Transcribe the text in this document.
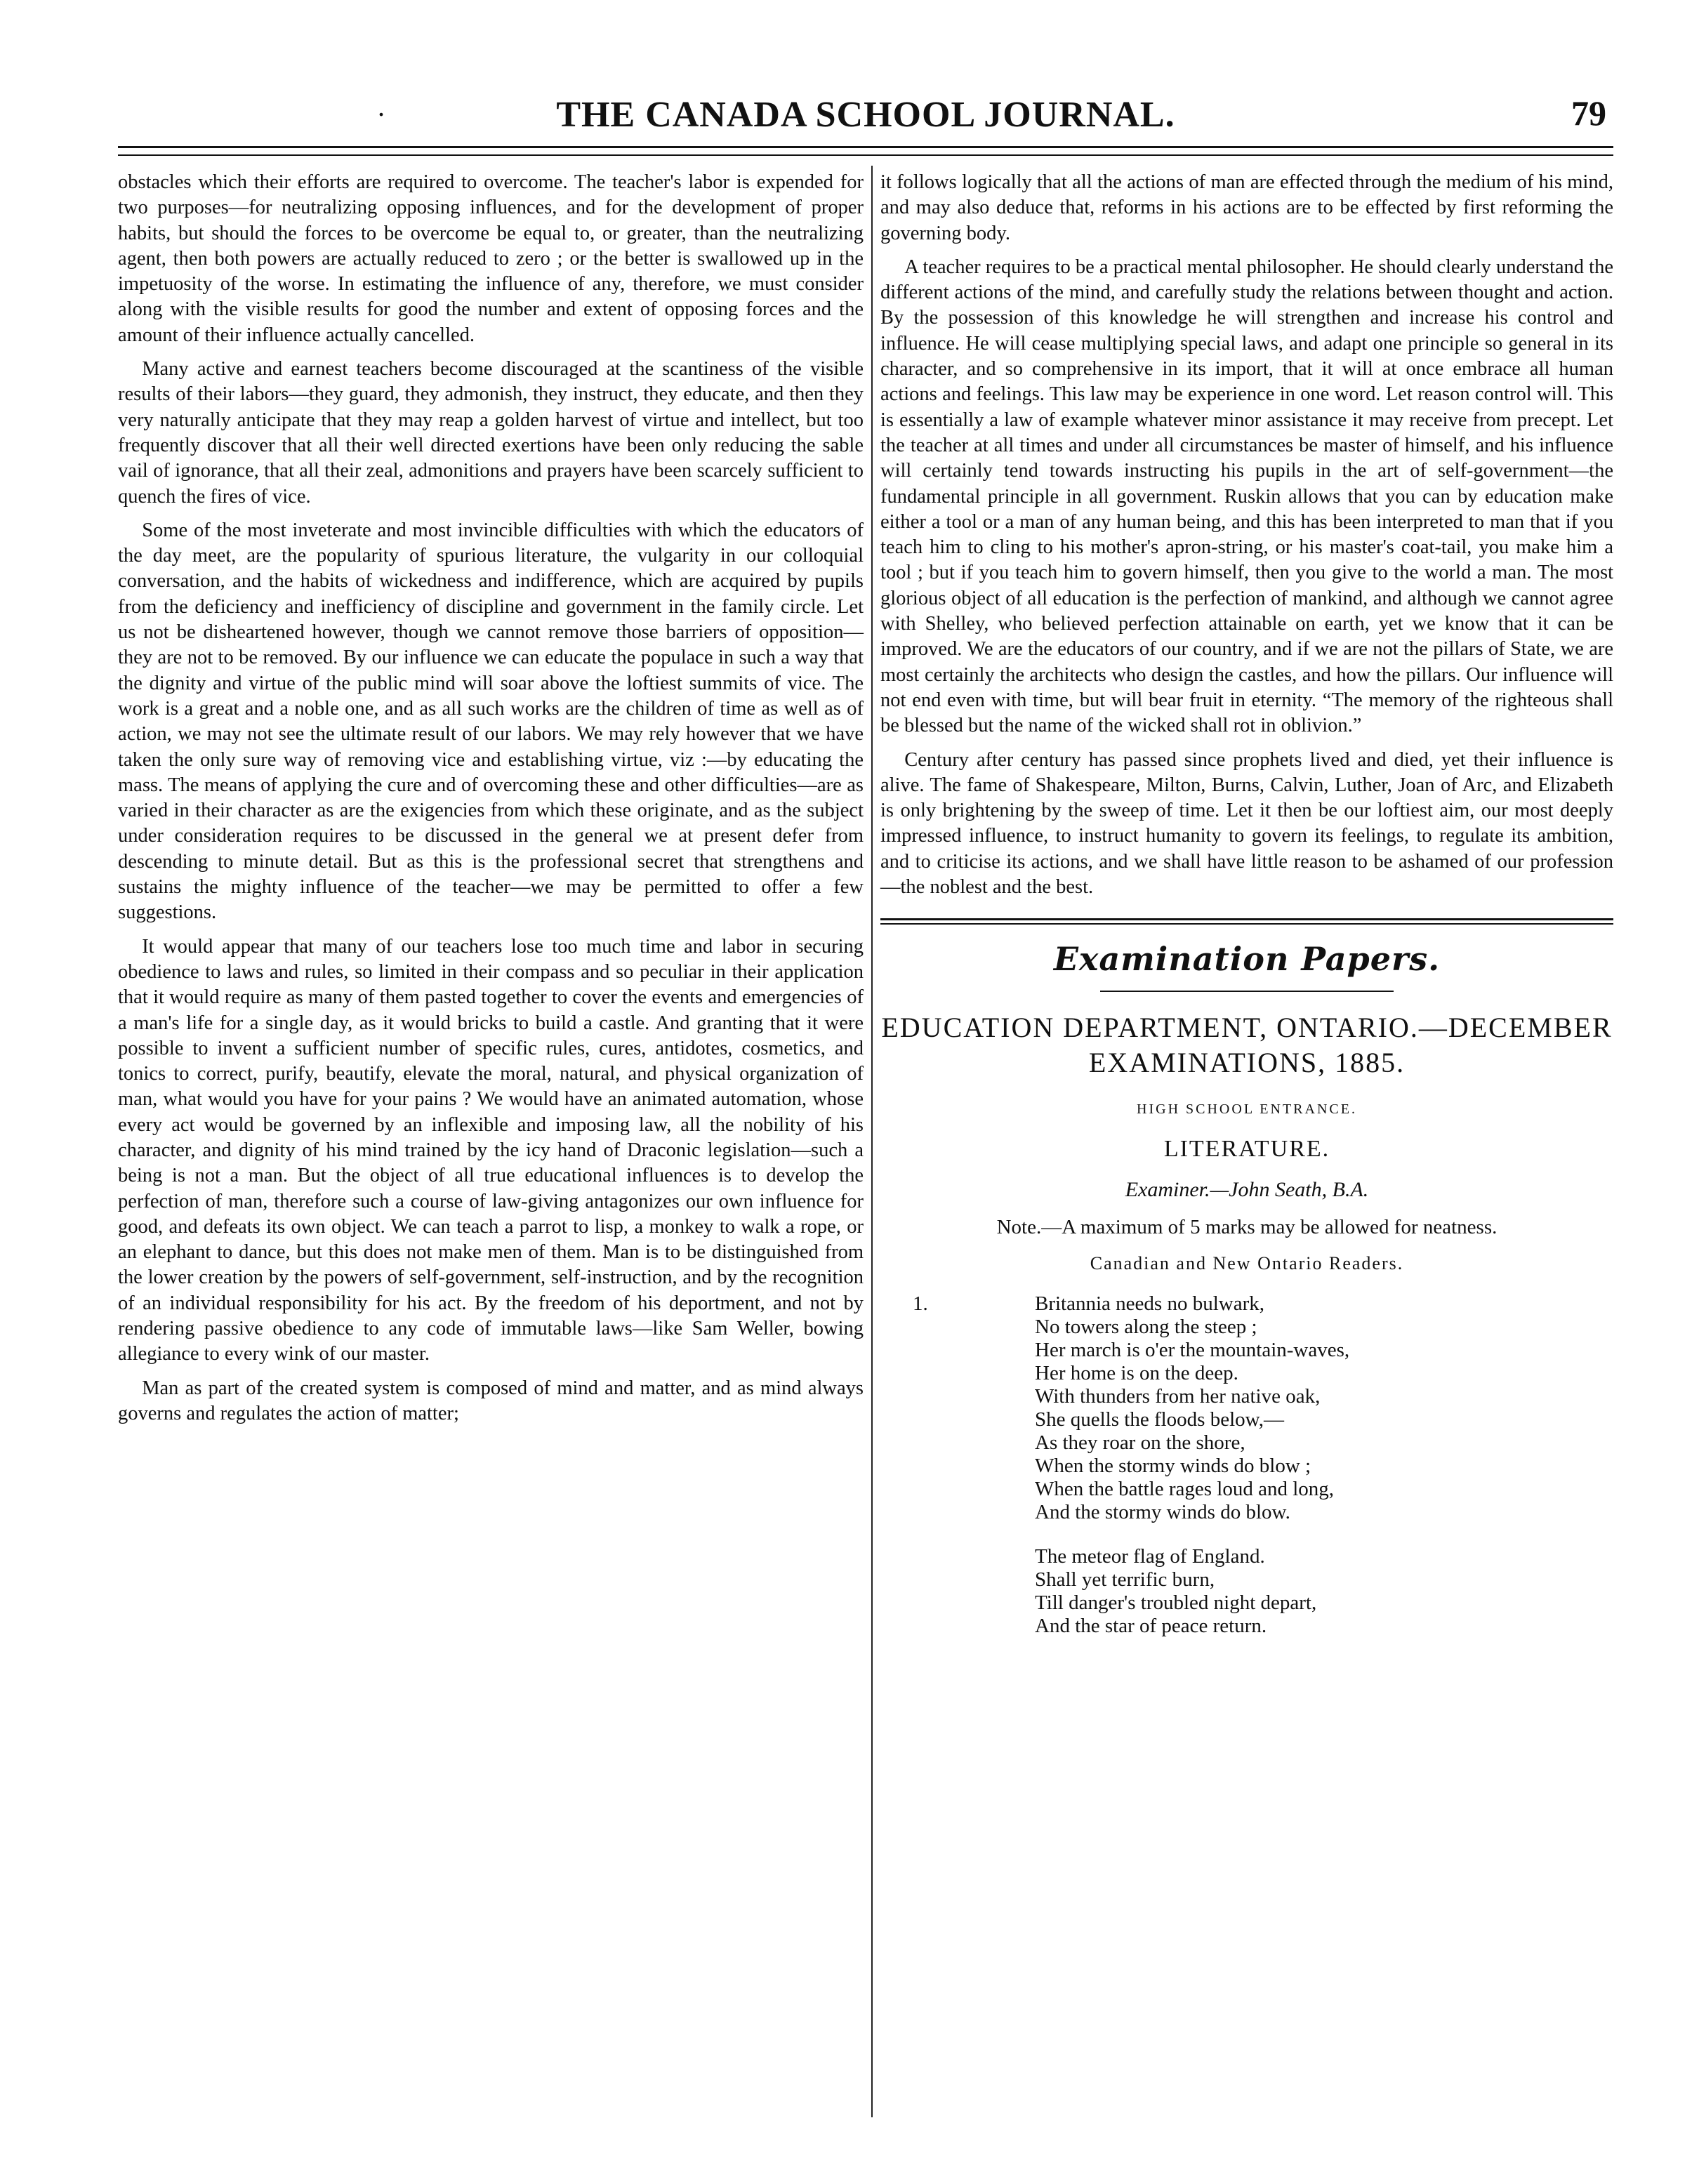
.	THE CANADA SCHOOL JOURNAL.	79

obstacles which their efforts are required to overcome. The teacher's labor is expended for two purposes—for neutralizing opposing influences, and for the development of proper habits, but should the forces to be overcome be equal to, or greater, than the neutralizing agent, then both powers are actually reduced to zero ; or the better is swallowed up in the impetuosity of the worse. In estimating the influence of any, therefore, we must consider along with the visible results for good the number and extent of opposing forces and the amount of their influence actually cancelled.

Many active and earnest teachers become discouraged at the scantiness of the visible results of their labors—they guard, they admonish, they instruct, they educate, and then they very naturally anticipate that they may reap a golden harvest of virtue and intellect, but too frequently discover that all their well directed exertions have been only reducing the sable vail of ignorance, that all their zeal, admonitions and prayers have been scarcely sufficient to quench the fires of vice.

Some of the most inveterate and most invincible difficulties with which the educators of the day meet, are the popularity of spurious literature, the vulgarity in our colloquial conversation, and the habits of wickedness and indifference, which are acquired by pupils from the deficiency and inefficiency of discipline and government in the family circle. Let us not be disheartened however, though we cannot remove those barriers of opposition—they are not to be removed. By our influence we can educate the populace in such a way that the dignity and virtue of the public mind will soar above the loftiest summits of vice. The work is a great and a noble one, and as all such works are the children of time as well as of action, we may not see the ultimate result of our labors. We may rely however that we have taken the only sure way of removing vice and establishing virtue, viz :—by educating the mass. The means of applying the cure and of overcoming these and other difficulties—are as varied in their character as are the exigencies from which these originate, and as the subject under consideration requires to be discussed in the general we at present defer from descending to minute detail. But as this is the professional secret that strengthens and sustains the mighty influence of the teacher—we may be permitted to offer a few suggestions.

It would appear that many of our teachers lose too much time and labor in securing obedience to laws and rules, so limited in their compass and so peculiar in their application that it would require as many of them pasted together to cover the events and emergencies of a man's life for a single day, as it would bricks to build a castle. And granting that it were possible to invent a sufficient number of specific rules, cures, antidotes, cosmetics, and tonics to correct, purify, beautify, elevate the moral, natural, and physical organization of man, what would you have for your pains ? We would have an animated automation, whose every act would be governed by an inflexible and imposing law, all the nobility of his character, and dignity of his mind trained by the icy hand of Draconic legislation—such a being is not a man. But the object of all true educational influences is to develop the perfection of man, therefore such a course of law-giving antagonizes our own influence for good, and defeats its own object. We can teach a parrot to lisp, a monkey to walk a rope, or an elephant to dance, but this does not make men of them. Man is to be distinguished from the lower creation by the powers of self-government, self-instruction, and by the recognition of an individual responsibility for his act. By the freedom of his deportment, and not by rendering passive obedience to any code of immutable laws—like Sam Weller, bowing allegiance to every wink of our master.

Man as part of the created system is composed of mind and matter, and as mind always governs and regulates the action of matter;

it follows logically that all the actions of man are effected through the medium of his mind, and may also deduce that, reforms in his actions are to be effected by first reforming the governing body.

A teacher requires to be a practical mental philosopher. He should clearly understand the different actions of the mind, and carefully study the relations between thought and action. By the possession of this knowledge he will strengthen and increase his control and influence. He will cease multiplying special laws, and adapt one principle so general in its character, and so comprehensive in its import, that it will at once embrace all human actions and feelings. This law may be experience in one word. Let reason control will. This is essentially a law of example whatever minor assistance it may receive from precept. Let the teacher at all times and under all circumstances be master of himself, and his influence will certainly tend towards instructing his pupils in the art of self-government—the fundamental principle in all government. Ruskin allows that you can by education make either a tool or a man of any human being, and this has been interpreted to man that if you teach him to cling to his mother's apron-string, or his master's coat-tail, you make him a tool ; but if you teach him to govern himself, then you give to the world a man. The most glorious object of all education is the perfection of mankind, and although we cannot agree with Shelley, who believed perfection attainable on earth, yet we know that it can be improved. We are the educators of our country, and if we are not the pillars of State, we are most certainly the architects who design the castles, and how the pillars. Our influence will not end even with time, but will bear fruit in eternity. “The memory of the righteous shall be blessed but the name of the wicked shall rot in oblivion.”

Century after century has passed since prophets lived and died, yet their influence is alive. The fame of Shakespeare, Milton, Burns, Calvin, Luther, Joan of Arc, and Elizabeth is only brightening by the sweep of time. Let it then be our loftiest aim, our most deeply impressed influence, to instruct humanity to govern its feelings, to regulate its ambition, and to criticise its actions, and we shall have little reason to be ashamed of our profession—the noblest and the best.

Examination Papers.
EDUCATION DEPARTMENT, ONTARIO.—DECEMBER EXAMINATIONS, 1885.
HIGH SCHOOL ENTRANCE.
LITERATURE.
Examiner.—John Seath, B.A.
Note.—A maximum of 5 marks may be allowed for neatness.
Canadian and New Ontario Readers.
1.	Britannia needs no bulwark,
No towers along the steep ;
Her march is o'er the mountain-waves,
Her home is on the deep.
With thunders from her native oak,
She quells the floods below,—
As they roar on the shore,
When the stormy winds do blow ;
When the battle rages loud and long,
And the stormy winds do blow.
The meteor flag of England.
Shall yet terrific burn,
Till danger's troubled night depart,
And the star of peace return.
